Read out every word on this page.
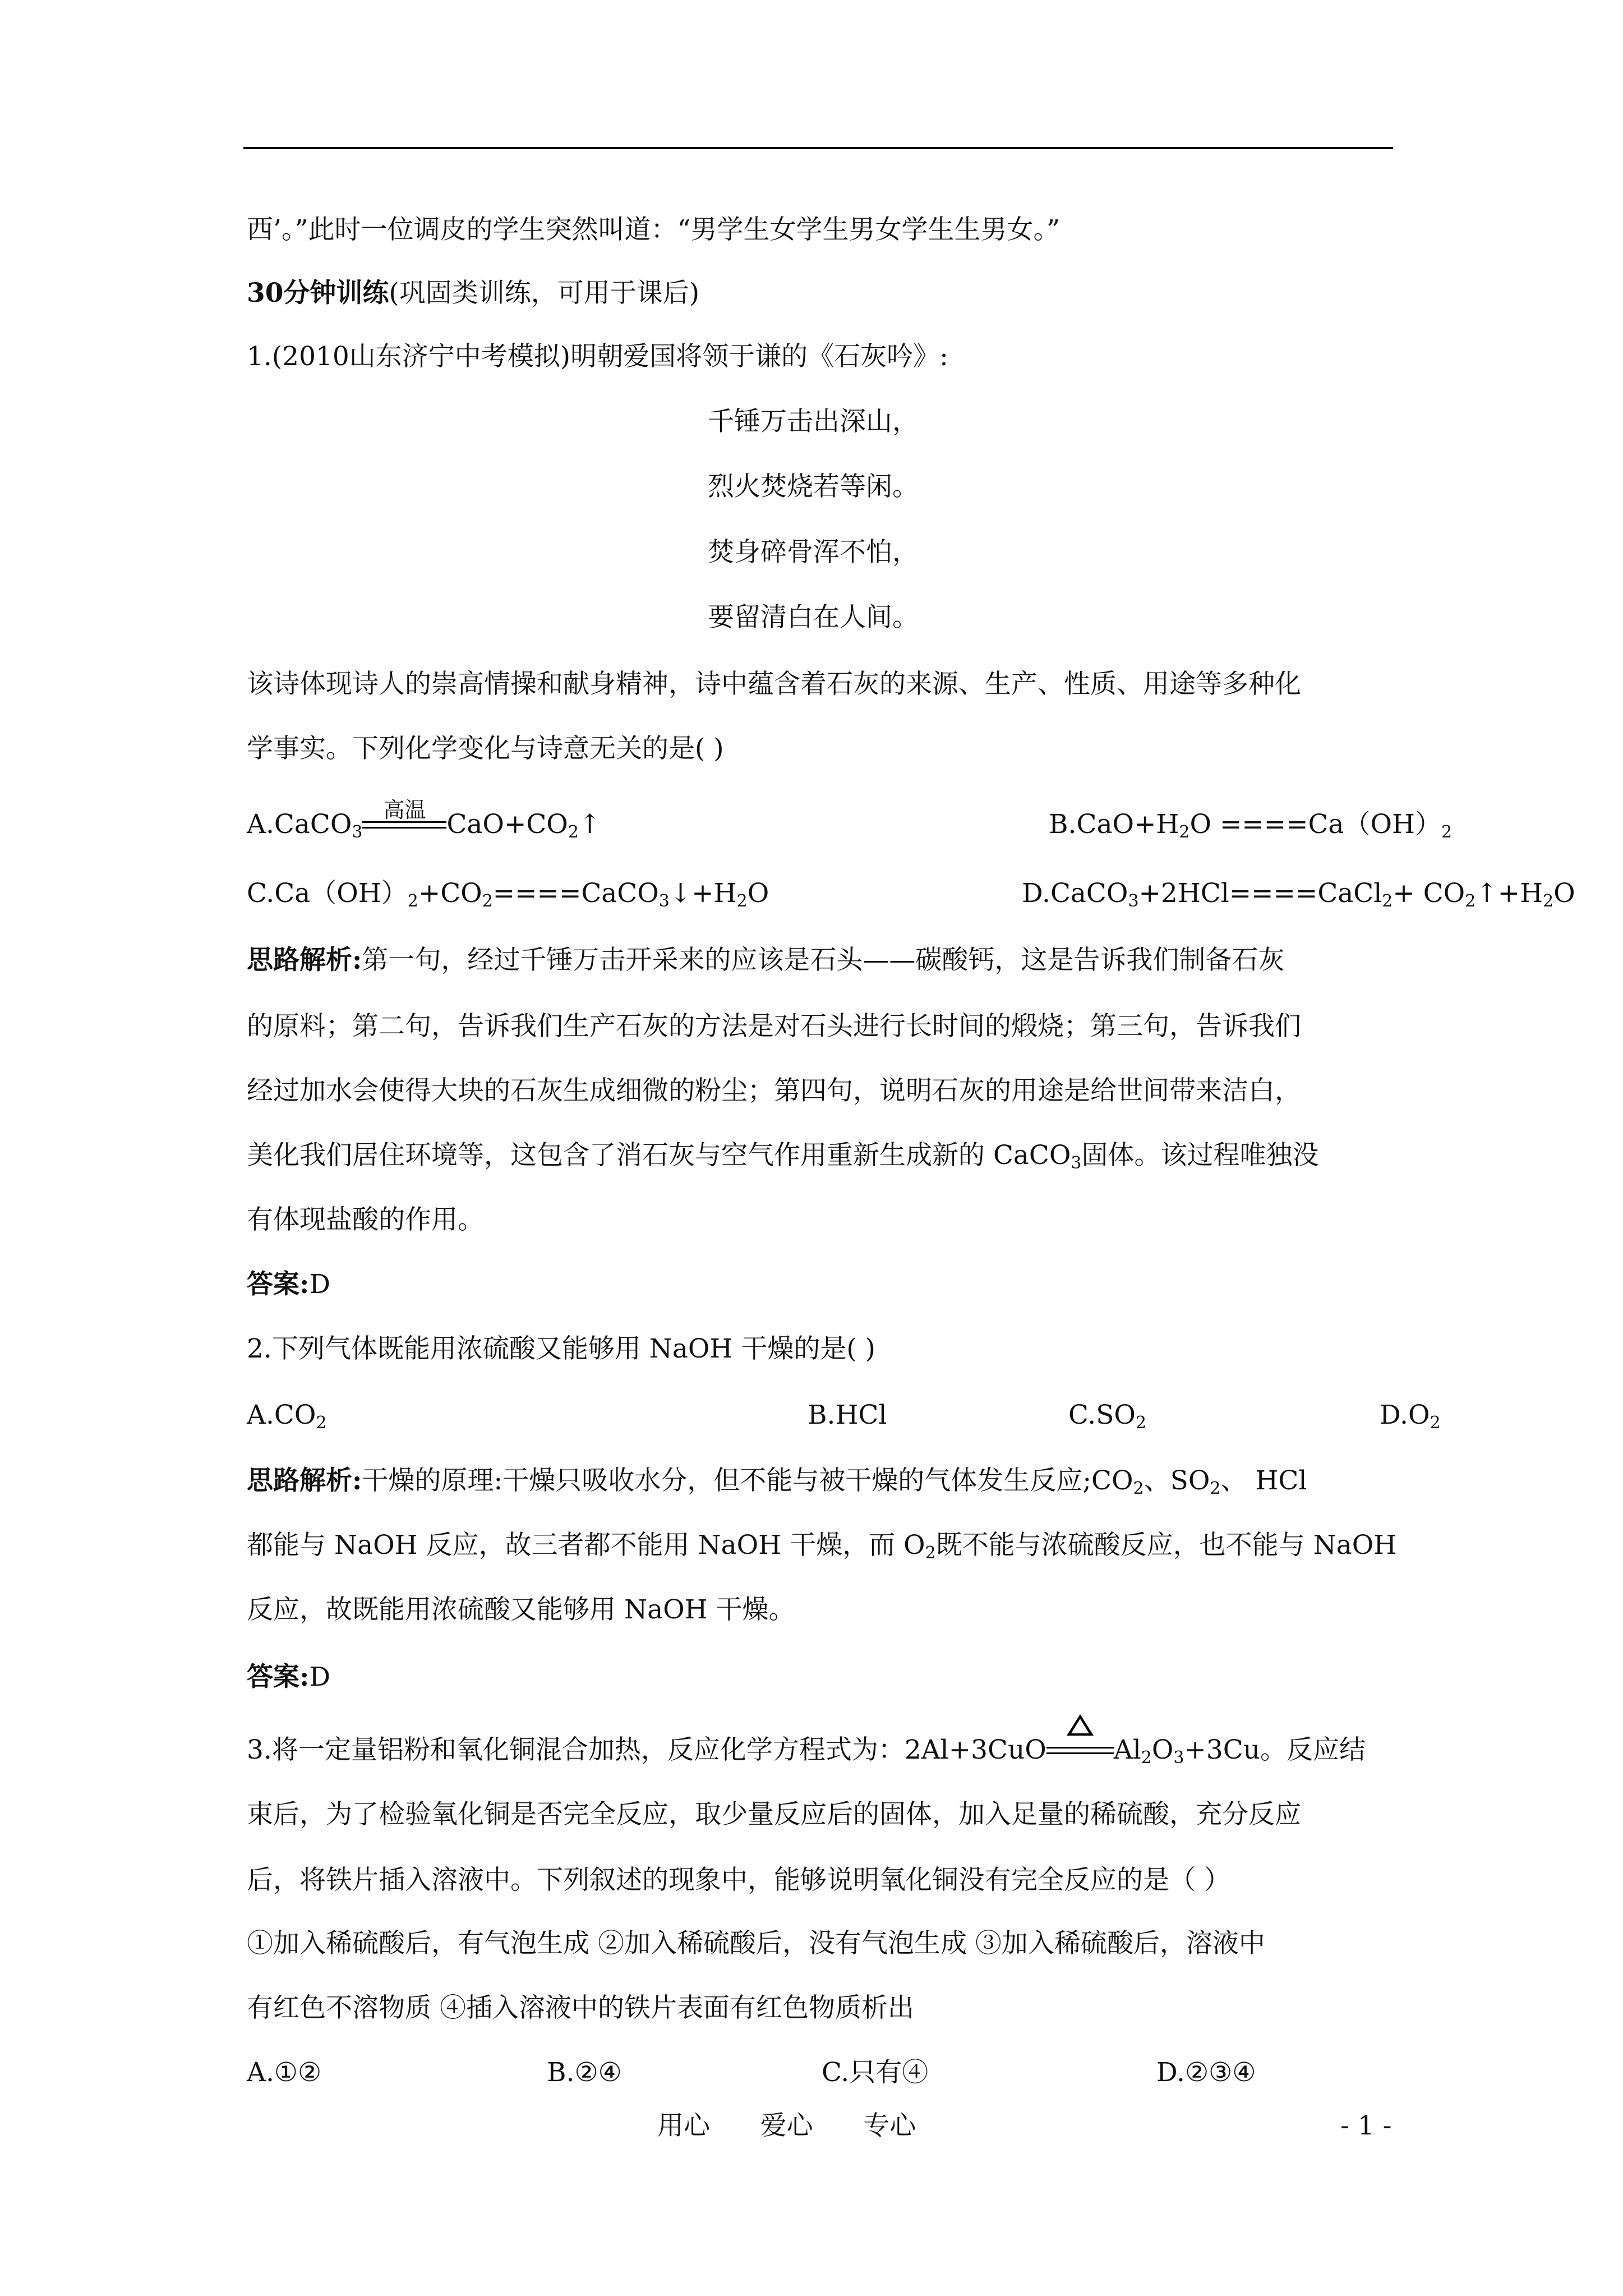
西’。”此时一位调皮的学生突然叫道：“男学生女学生男女学生生男女。”
30分钟训练(巩固类训练，可用于课后)
1.(2010山东济宁中考模拟)明朝爱国将领于谦的《石灰吟》:
千锤万击出深山，
烈火焚烧若等闲。
焚身碎骨浑不怕，
要留清白在人间。
该诗体现诗人的崇高情操和献身精神，诗中蕴含着石灰的来源、生产、性质、用途等多种化
学事实。下列化学变化与诗意无关的是( )
A.CaCO$_3$
高温 $CaO+CO_2↑$	$B.CaO+H_2O ====Ca(OH)_2$
$C.Ca(OH)_2+CO_2====CaCO_3↓+H_2O$	D.CaCO$_3$+2HCl====CaCl$_2$+ $CO_2↑+H_2O$
思路解析:第一句，经过千锤万击开采来的应该是石头——碳酸钙，这是告诉我们制备石灰
的原料；第二句，告诉我们生产石灰的方法是对石头进行长时间的煅烧；第三句，告诉我们
经过加水会使得大块的石灰生成细微的粉尘；第四句，说明石灰的用途是给世间带来洁白，
美化我们居住环境等，这包含了消石灰与空气作用重新生成新的 CaCO$_3$固体。该过程唯独没
有体现盐酸的作用。
答案:D
2.下列气体既能用浓硫酸又能够用 NaOH 干燥的是( )
$A.CO_2$	B.HCl	$C.SO_2$	$D.O_2$
思路解析:干燥的原理:干燥只吸收水分，但不能与被干燥的气体发生反应$;CO_2$、$SO_2$、 HCl
都能与 NaOH 反应，故三者都不能用 NaOH 干燥，而 $O_2$既不能与浓硫酸反应，也不能与 NaOH
反应，故既能用浓硫酸又能够用 NaOH 干燥。
答案:D
3.将一定量铝粉和氧化铜混合加热，反应化学方程式为：2Al+3CuO	$Al_2O_3+3Cu$。反应结
束后，为了检验氧化铜是否完全反应，取少量反应后的固体，加入足量的稀硫酸，充分反应
后，将铁片插入溶液中。下列叙述的现象中，能够说明氧化铜没有完全反应的是（ ）
①加入稀硫酸后，有气泡生成 ②加入稀硫酸后，没有气泡生成 ③加入稀硫酸后，溶液中
有红色不溶物质 ④插入溶液中的铁片表面有红色物质析出
A.①②	B.②④	C.只有④	D.②③④
用心      爱心      专心	- 1 -
